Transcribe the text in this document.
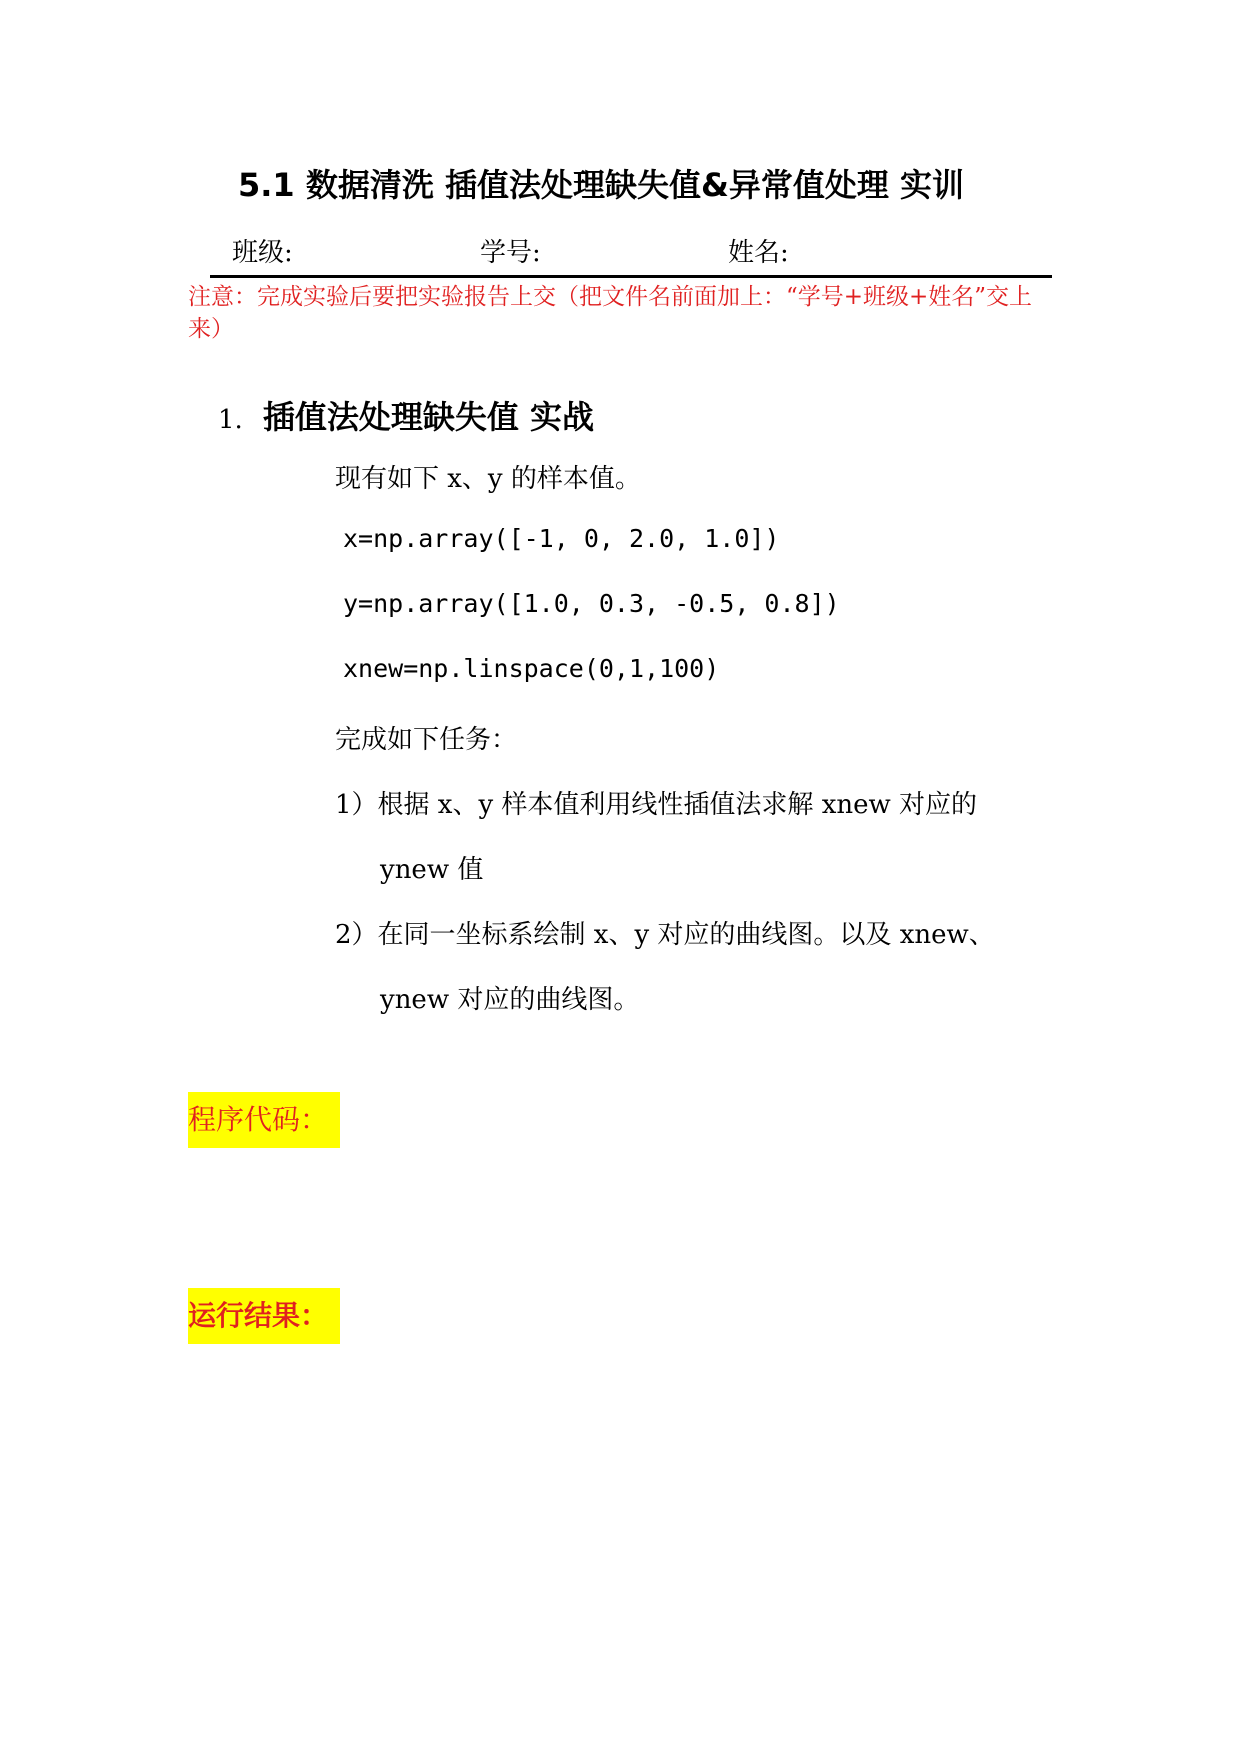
5.1 数据清洗 插值法处理缺失值&异常值处理 实训
班级:	学号:	姓名:
注意：完成实验后要把实验报告上交（把文件名前面加上：“学号+班级+姓名”交上来）
1. 插值法处理缺失值 实战
现有如下 x、y 的样本值。
x=np.array([-1, 0, 2.0, 1.0])
y=np.array([1.0, 0.3, -0.5, 0.8])
xnew=np.linspace(0,1,100)
完成如下任务：
1）根据 x、y 样本值利用线性插值法求解 xnew 对应的
ynew 值
2）在同一坐标系绘制 x、y 对应的曲线图。以及 xnew、
ynew 对应的曲线图。
程序代码：
运行结果：
